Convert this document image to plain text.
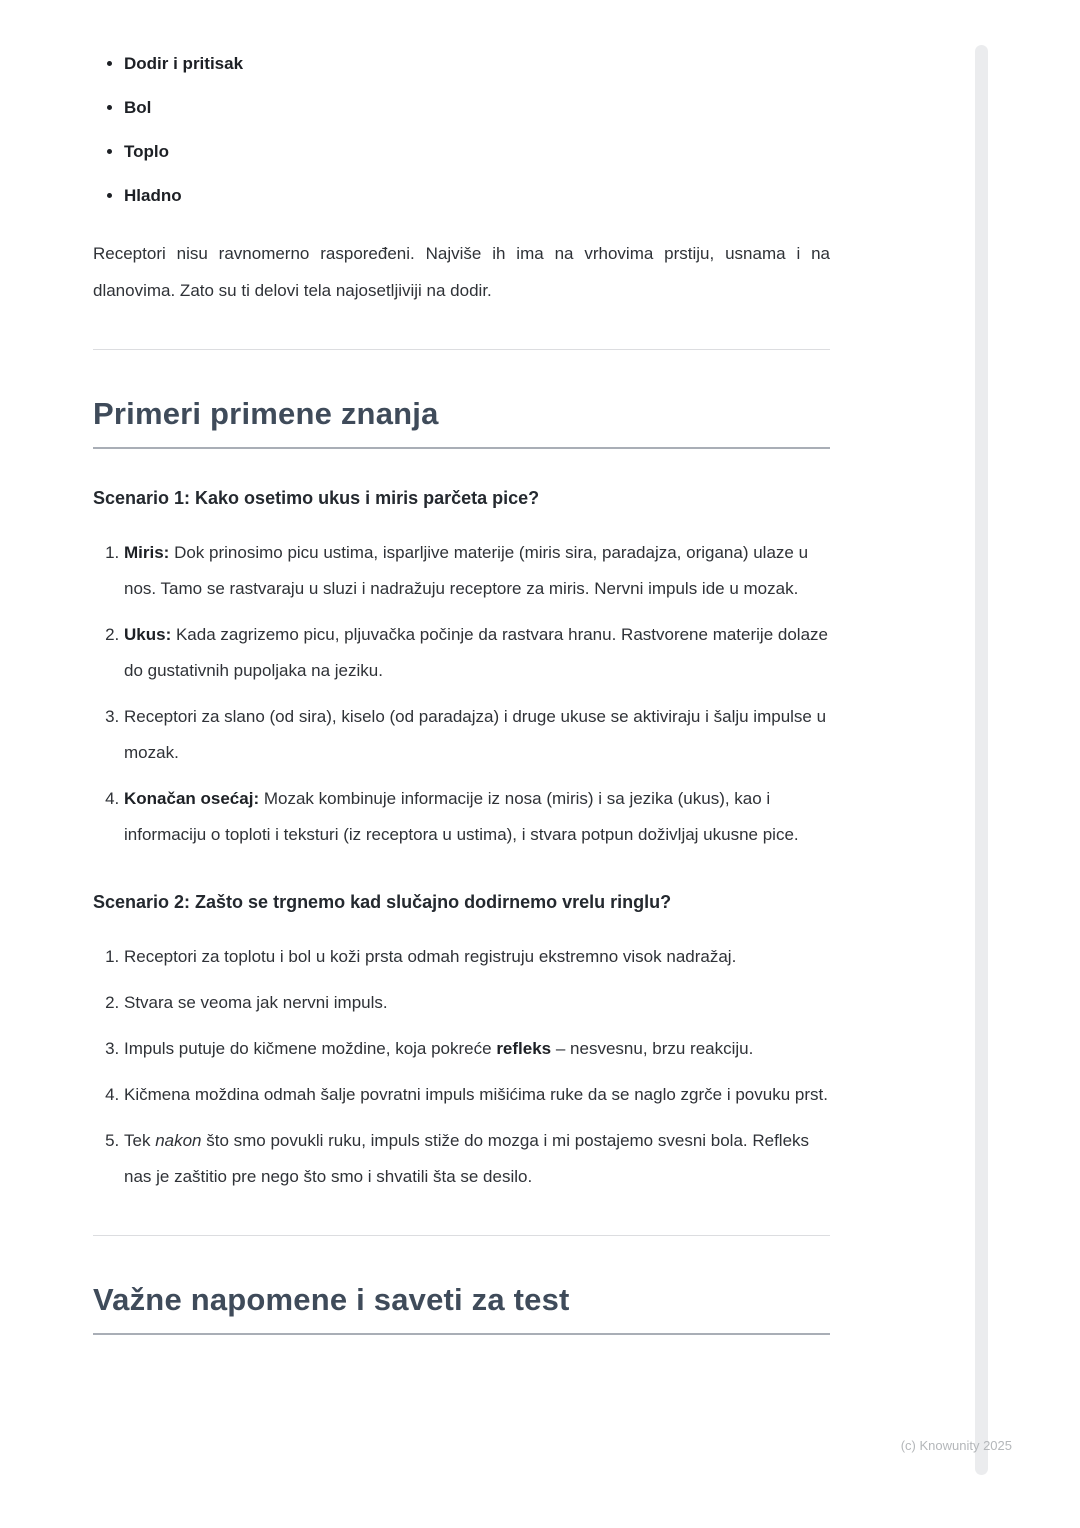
• Dodir i pritisak
• Bol
• Toplo
• Hladno

Receptori nisu ravnomerno raspoređeni. Najviše ih ima na vrhovima prstiju, usnama i na dlanovima. Zato su ti delovi tela najosetljiviji na dodir.

Primeri primene znanja
Scenario 1: Kako osetimo ukus i miris parčeta pice?
1. Miris: Dok prinosimo picu ustima, isparljive materije (miris sira, paradajza, origana) ulaze u nos. Tamo se rastvaraju u sluzi i nadražuju receptore za miris. Nervni impuls ide u mozak.
2. Ukus: Kada zagrizemo picu, pljuvačka počinje da rastvara hranu. Rastvorene materije dolaze do gustativnih pupoljaka na jeziku.
3. Receptori za slano (od sira), kiselo (od paradajza) i druge ukuse se aktiviraju i šalju impulse u mozak.
4. Konačan osećaj: Mozak kombinuje informacije iz nosa (miris) i sa jezika (ukus), kao i informaciju o toploti i teksturi (iz receptora u ustima), i stvara potpun doživljaj ukusne pice.
Scenario 2: Zašto se trgnemo kad slučajno dodirnemo vrelu ringlu?
1. Receptori za toplotu i bol u koži prsta odmah registruju ekstremno visok nadražaj.
2. Stvara se veoma jak nervni impuls.
3. Impuls putuje do kičmene moždine, koja pokreće refleks – nesvesnu, brzu reakciju.
4. Kičmena moždina odmah šalje povratni impuls mišićima ruke da se naglo zgrče i povuku prst.
5. Tek nakon što smo povukli ruku, impuls stiže do mozga i mi postajemo svesni bola. Refleks nas je zaštitio pre nego što smo i shvatili šta se desilo.
Važne napomene i saveti za test
(c) Knowunity 2025
